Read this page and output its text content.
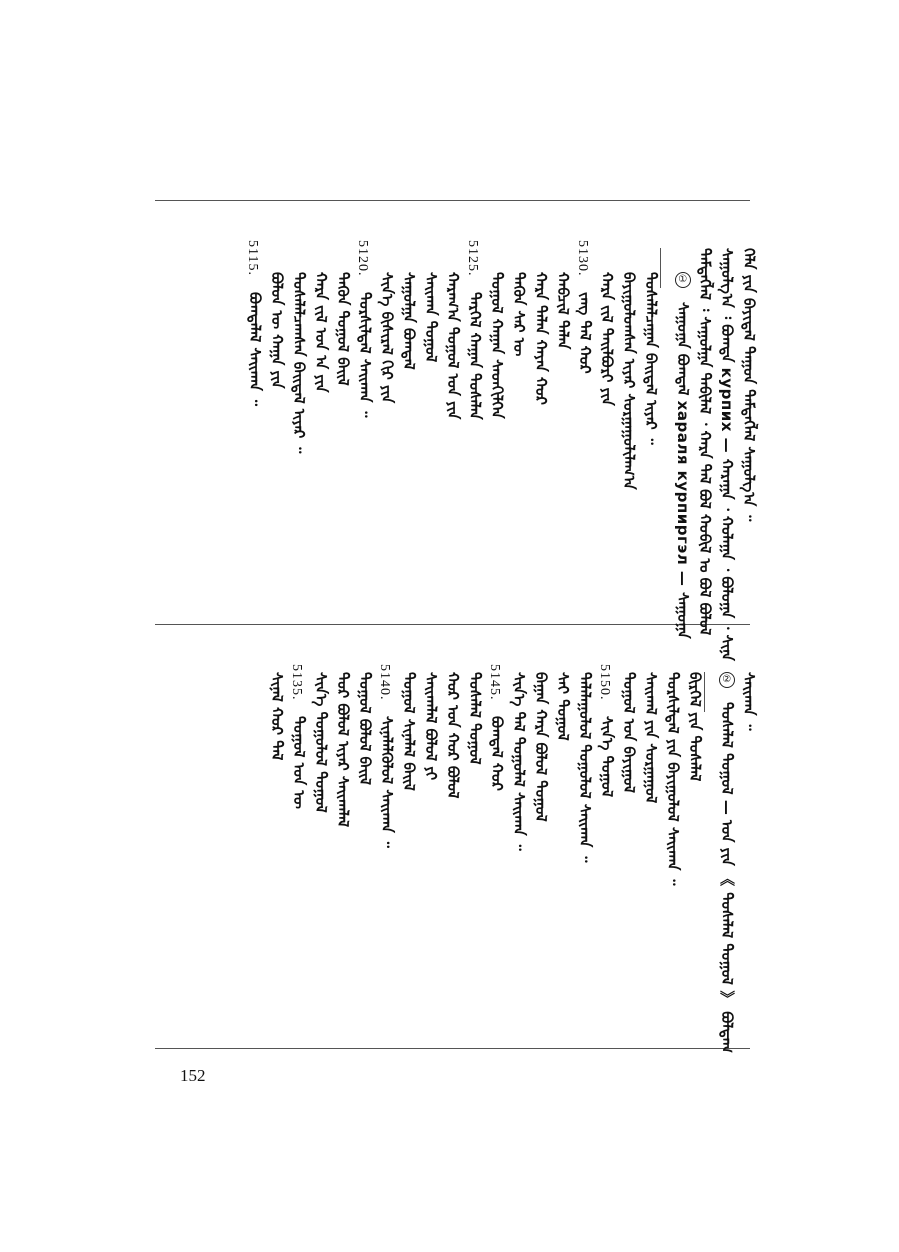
ᠬᠡᠯᠡ ᠶᠢᠨ ᠪᠠᠶᠢᠳᠠᠯ ᠲᠠᠭᠤᠨ ᠲᠡᠮᠳᠡᠭᠯᠡᠯ ᠰᠠᠭᠤᠯᠭ᠎ᠠ ᠃
ᠰᠠᠭᠤᠯᠭ᠎ᠠ ᠄ ᠪᠣᠭᠳᠠ кyрпих — ᠬᠠᠷᠠᠭᠠ ᠂ ᠬᠤᠯᠠᠭᠠ ᠂ ᠪᠣᠯᠤᠭᠠ ᠂ ᠰᠢᠨᠡ
ᠲᠡᠮᠳᠡᠭᠯᠡᠯ ᠄ ᠰᠠᠭᠤᠯᠭᠠ ᠲᠠᠪᠢᠯᠠᠯ ᠂ ᠬᠠᠷᠠ ᠲᠠᠯ ᠪᠣᠯ ᠬᠤᠪᠢᠯ ᠤ ᠪᠣᠯ ᠪᠣᠯᠤᠯ
①ᠰᠠᠭᠤᠭᠠ ᠪᠣᠭᠳᠠᠯ хараля кyрпиргэл — ᠰᠠᠭᠤᠭᠠ
ᠲᠤᠰᠠᠯᠠᠯᠴᠠᠭᠠᠨ ᠪᠠᠢᠳᠠᠯ ᠢᠶᠡᠷ ᠃
ᠪᠠᠶᠢᠭᠤᠯᠤᠭᠰᠠᠨ ᠢᠶᠡᠷ ᠰᠤᠷᠭᠠᠭᠤᠯᠢᠯᠠᠭ᠎ᠠ
ᠬᠠᠷᠠ ᠵᠢᠯ ᠲᠠᠢᠯᠪᠤᠷᠢ ᠶᠢᠨ
5130.
ᠵᠠᠩ ᠲᠠᠯ ᠬᠣᠷ
ᠬᠠᠪᠴᠢᠯ ᠲᠠᠯᠠᠨ
ᠬᠠᠷᠠ ᠲᠠᠯᠠᠨ ᠬᠠᠶᠠᠨ ᠬᠣᠷ
ᠲᠡᠭᠦᠨ ᠰᠡᠷ ᠦ
ᠲᠤᠭᠤᠯ ᠬᠠᠭᠠᠨ ᠰᠡᠳᠬᠢᠯᠭᠡᠨ
5125.
ᠲᠡᠷᠭᠡᠯ ᠬᠠᠭᠠᠨ ᠲᠤᠰᠠᠯᠠᠨ
ᠬᠠᠷᠠᠭ᠎ᠠ ᠲᠤᠭᠤᠯ ᠤᠨ ᠶᠢᠨ
ᠰᠠᠢᠬᠠᠨ ᠲᠤᠭᠤᠯ
ᠰᠠᠭᠤᠯᠭᠠ ᠪᠣᠭᠳᠠᠯ
ᠰᠢᠨ᠎ᠡ ᠪᠢᠰᠢᠷᠡᠯ ᠬᠢᠷ ᠶᠢᠨ
5120.
ᠲᠤᠷᠰᠢᠯᠳᠠᠯ ᠰᠠᠢᠬᠠᠨ ᠃
ᠲᠡᠭᠦᠨ ᠲᠤᠭᠤᠯ ᠪᠠᠢᠯ
ᠬᠠᠷᠠ ᠵᠢᠯ ᠤᠨ ᠡᠨ ᠶᠢᠨ
ᠲᠤᠰᠠᠯᠠᠯᠴᠠᠭᠰᠠᠨ ᠪᠠᠢᠳᠠᠯ ᠢᠶᠡᠷ ᠃
ᠪᠣᠯᠤᠨ ᠦ ᠬᠠᠭᠠ ᠶᠢᠨ
5115.
ᠪᠣᠭᠳᠠᠯᠠᠯ ᠰᠠᠢᠬᠠᠨ ᠃
ᠰᠠᠢᠬᠠᠨ ᠃
②ᠲᠤᠰᠠᠯᠠᠯ ᠲᠤᠭᠤᠯ — ᠤᠨ ᠶᠢᠨ 《 ᠲᠤᠰᠠᠯᠠᠯ ᠲᠤᠭᠤᠯ 》 ᠪᠣᠯᠳᠠᠭ
ᠪᠢᠷᠭᠡᠯ ᠶᠢᠨ ᠲᠤᠰᠠᠯᠠᠯ
ᠲᠤᠷᠰᠢᠯᠳᠠᠯ ᠶᠢᠨ ᠪᠠᠶᠢᠭᠤᠯᠤᠯ ᠰᠠᠢᠬᠠᠨ ᠃
ᠰᠠᠢᠬᠠᠯ ᠶᠢᠨ ᠰᠤᠷᠭᠠᠭᠤᠯ
ᠲᠤᠭᠤᠯ ᠤᠨ ᠪᠠᠶᠢᠭᠤᠯ
5150.
ᠰᠢᠨ᠎ᠡ ᠲᠤᠭᠤᠯ
ᠲᠠᠯᠠᠯᠠᠭᠤᠯᠤᠯ ᠲᠤᠭᠤᠯᠤᠯ ᠰᠠᠢᠬᠠᠨ ᠃
ᠰᠠᠢ ᠲᠤᠭᠤᠯ
ᠪᠠᠭᠠᠨ ᠬᠠᠷᠠ ᠪᠣᠯᠤᠯ ᠲᠤᠭᠤᠯ
ᠰᠢᠨ᠎ᠡ ᠲᠠᠯ ᠲᠤᠭᠤᠯᠠᠯ ᠰᠠᠢᠬᠠᠨ ᠃
5145.
ᠪᠣᠭᠳᠠᠯ ᠬᠣᠷ
ᠲᠤᠰᠠᠯᠠᠯ ᠲᠤᠭᠤᠯ
ᠬᠣᠷ ᠤᠨ ᠬᠣᠷ ᠪᠣᠯᠤᠯ
ᠰᠠᠢᠬᠠᠯᠠᠯ ᠪᠣᠯᠤᠯ ᠶᠢ
ᠲᠤᠭᠤᠯ ᠰᠢᠨᠡᠯᠡᠯ ᠪᠠᠢᠯ
5140.
ᠰᠢᠨᠡᠯᠡᠯᠭᠦᠯᠦᠯ ᠰᠠᠢᠬᠠᠨ ᠃
ᠲᠤᠭᠤᠯ ᠪᠣᠯᠤᠯ ᠪᠠᠢᠯ
ᠲᠤᠷ ᠪᠣᠯᠤᠯ ᠢᠶᠡᠷ ᠰᠠᠢᠬᠠᠯᠠᠯ
ᠰᠢᠨ᠎ᠡ ᠲᠤᠭᠤᠯᠤᠯ ᠲᠤᠭᠤᠯ
5135.
ᠲᠤᠭᠤᠯ ᠤᠨ ᠦ
ᠰᠢᠨᠡᠯ ᠬᠣᠷ ᠲᠠᠯ
152
